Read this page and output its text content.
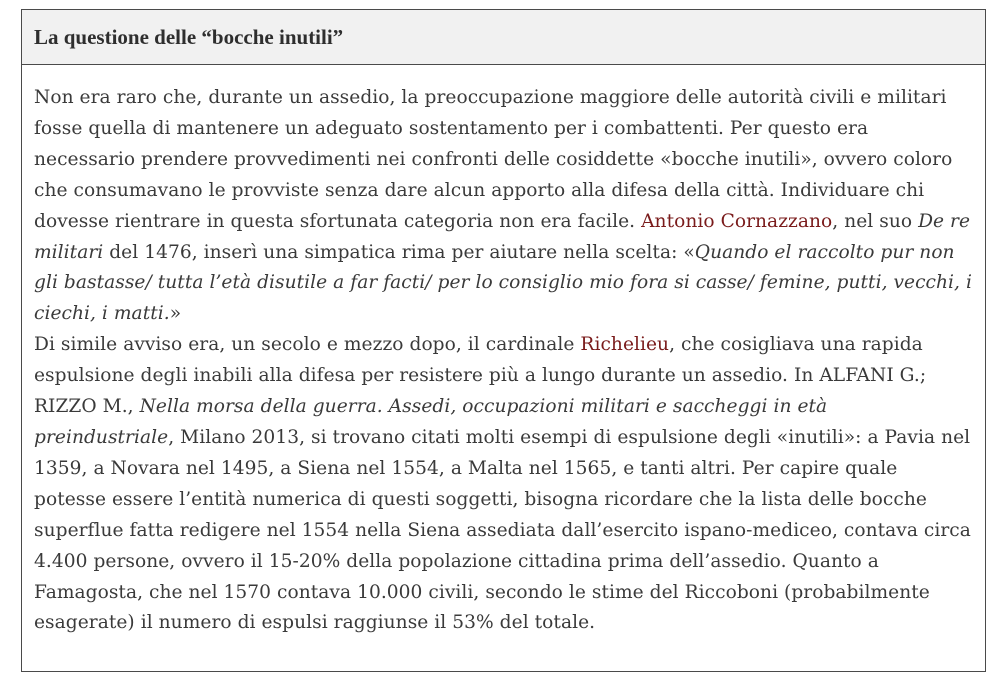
La questione delle “bocche inutili”

Non era raro che, durante un assedio, la preoccupazione maggiore delle autorità civili e militari fosse quella di mantenere un adeguato sostentamento per i combattenti. Per questo era necessario prendere provvedimenti nei confronti delle cosiddette «bocche inutili», ovvero coloro che consumavano le provviste senza dare alcun apporto alla difesa della città. Individuare chi dovesse rientrare in questa sfortunata categoria non era facile. Antonio Cornazzano, nel suo De re militari del 1476, inserì una simpatica rima per aiutare nella scelta: «Quando el raccolto pur non gli bastasse/ tutta l’età disutile a far facti/ per lo consiglio mio fora si casse/ femine, putti, vecchi, i ciechi, i matti.»

Di simile avviso era, un secolo e mezzo dopo, il cardinale Richelieu, che cosigliava una rapida espulsione degli inabili alla difesa per resistere più a lungo durante un assedio. In ALFANI G.; RIZZO M., Nella morsa della guerra. Assedi, occupazioni militari e saccheggi in età preindustriale, Milano 2013, si trovano citati molti esempi di espulsione degli «inutili»: a Pavia nel 1359, a Novara nel 1495, a Siena nel 1554, a Malta nel 1565, e tanti altri. Per capire quale potesse essere l’entità numerica di questi soggetti, bisogna ricordare che la lista delle bocche superflue fatta redigere nel 1554 nella Siena assediata dall’esercito ispano-mediceo, contava circa 4.400 persone, ovvero il 15-20% della popolazione cittadina prima dell’assedio. Quanto a Famagosta, che nel 1570 contava 10.000 civili, secondo le stime del Riccoboni (probabilmente esagerate) il numero di espulsi raggiunse il 53% del totale.
